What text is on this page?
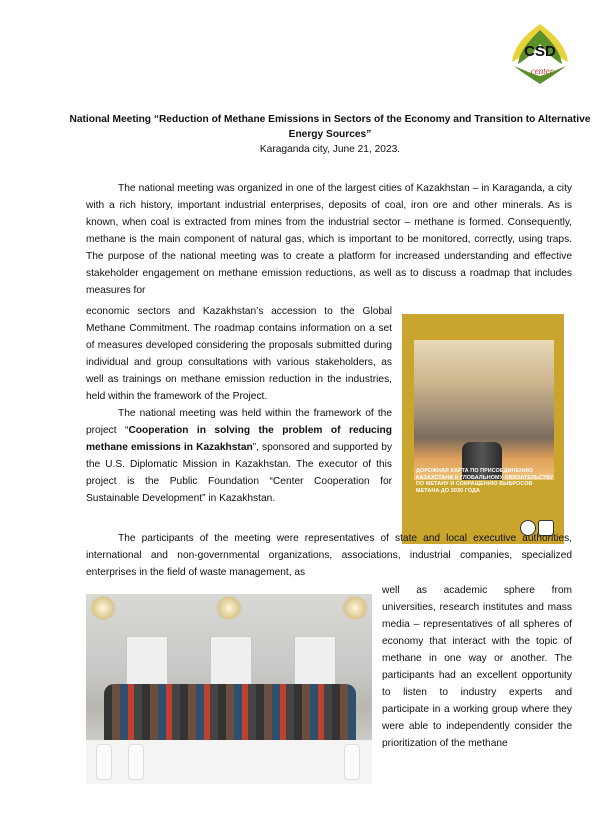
CSD
center
National Meeting “Reduction of Methane Emissions in Sectors of the Economy and Transition to Alternative Energy Sources”
Karaganda city, June 21, 2023.
The national meeting was organized in one of the largest cities of Kazakhstan – in Karaganda, a city with a rich history, important industrial enterprises, deposits of coal, iron ore and other minerals. As is known, when coal is extracted from mines from the industrial sector – methane is formed. Consequently, methane is the main component of natural gas, which is important to be monitored, correctly, using traps. The purpose of the national meeting was to create a platform for increased understanding and effective stakeholder engagement on methane emission reductions, as well as to discuss a roadmap that includes measures for
economic sectors and Kazakhstan’s accession to the Global Methane Commitment. The roadmap contains information on a set of measures developed considering the proposals submitted during individual and group consultations with various stakeholders, as well as trainings on methane emission reduction in the industries, held within the framework of the Project.
The national meeting was held within the framework of the project “Cooperation in solving the problem of reducing methane emissions in Kazakhstan”, sponsored and supported by the U.S. Diplomatic Mission in Kazakhstan. The executor of this project is the Public Foundation “Center Cooperation for Sustainable Development” in Kazakhstan.
ДОРОЖНАЯ КАРТА ПО ПРИСОЕДИНЕНИЮ КАЗАХСТАНА К ГЛОБАЛЬНОМУ ОБЯЗАТЕЛЬСТВУ ПО МЕТАНУ И СОКРАЩЕНИЮ ВЫБРОСОВ МЕТАНА ДО 2030 ГОДА
The participants of the meeting were representatives of state and local executive authorities, international and non-governmental organizations, associations, industrial companies, specialized enterprises in the field of waste management, as
well as academic sphere from universities, research institutes and mass media – representatives of all spheres of economy that interact with the topic of methane in one way or another. The participants had an excellent opportunity to listen to industry experts and participate in a working group where they were able to independently consider the prioritization of the methane
